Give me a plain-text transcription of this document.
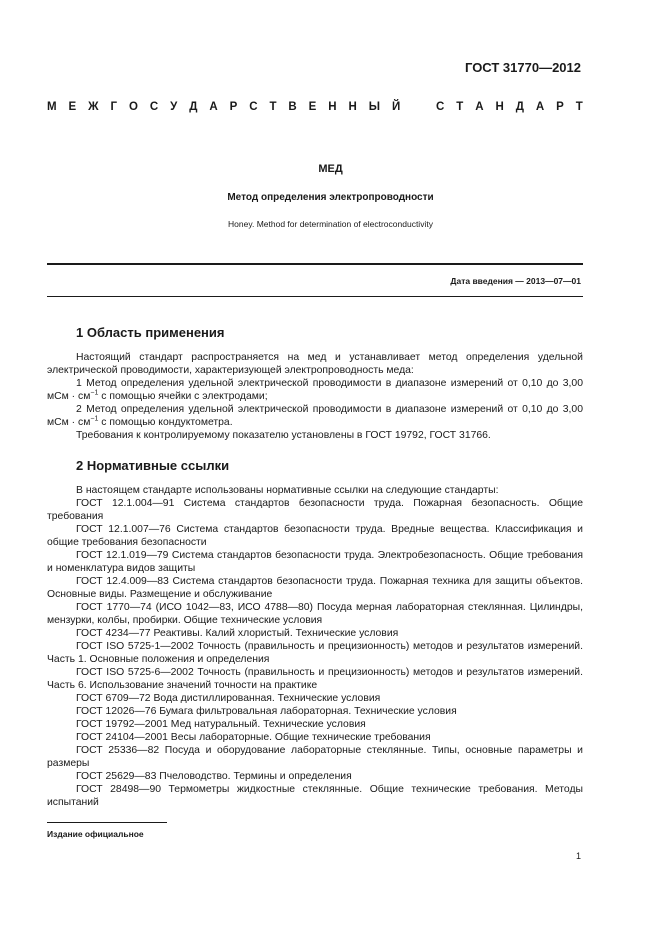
ГОСТ 31770—2012
М Е Ж Г О С У Д А Р С Т В Е Н Н Ы Й	С Т А Н Д А Р Т
МЕД
Метод определения электропроводности
Honey. Method for determination of electroconductivity
Дата введения — 2013—07—01
1 Область применения

Настоящий стандарт распространяется на мед и устанавливает метод определения удельной электрической проводимости, характеризующей электропроводность меда:

1 Метод определения удельной электрической проводимости в диапазоне измерений от 0,10 до 3,00 мСм · $см^{-1}$ с помощью ячейки с электродами;

2 Метод определения удельной электрической проводимости в диапазоне измерений от 0,10 до 3,00 мСм · $см^{-1}$ с помощью кондуктометра.

Требования к контролируемому показателю установлены в ГОСТ 19792, ГОСТ 31766.

2 Нормативные ссылки

В настоящем стандарте использованы нормативные ссылки на следующие стандарты:

ГОСТ 12.1.004—91 Система стандартов безопасности труда. Пожарная безопасность. Общие требования

ГОСТ 12.1.007—76 Система стандартов безопасности труда. Вредные вещества. Классификация и общие требования безопасности

ГОСТ 12.1.019—79 Система стандартов безопасности труда. Электробезопасность. Общие требования и номенклатура видов защиты

ГОСТ 12.4.009—83 Система стандартов безопасности труда. Пожарная техника для защиты объектов. Основные виды. Размещение и обслуживание

ГОСТ 1770—74 (ИСО 1042—83, ИСО 4788—80) Посуда мерная лабораторная стеклянная. Цилиндры, мензурки, колбы, пробирки. Общие технические условия

ГОСТ 4234—77 Реактивы. Калий хлористый. Технические условия

ГОСТ ISO 5725-1—2002 Точность (правильность и прецизионность) методов и результатов измерений. Часть 1. Основные положения и определения

ГОСТ ISO 5725-6—2002 Точность (правильность и прецизионность) методов и результатов измерений. Часть 6. Использование значений точности на практике

ГОСТ 6709—72 Вода дистиллированная. Технические условия

ГОСТ 12026—76 Бумага фильтровальная лабораторная. Технические условия

ГОСТ 19792—2001 Мед натуральный. Технические условия

ГОСТ 24104—2001 Весы лабораторные. Общие технические требования

ГОСТ 25336—82 Посуда и оборудование лабораторные стеклянные. Типы, основные параметры и размеры

ГОСТ 25629—83 Пчеловодство. Термины и определения

ГОСТ 28498—90 Термометры жидкостные стеклянные. Общие технические требования. Методы испытаний

Издание официальное
1
